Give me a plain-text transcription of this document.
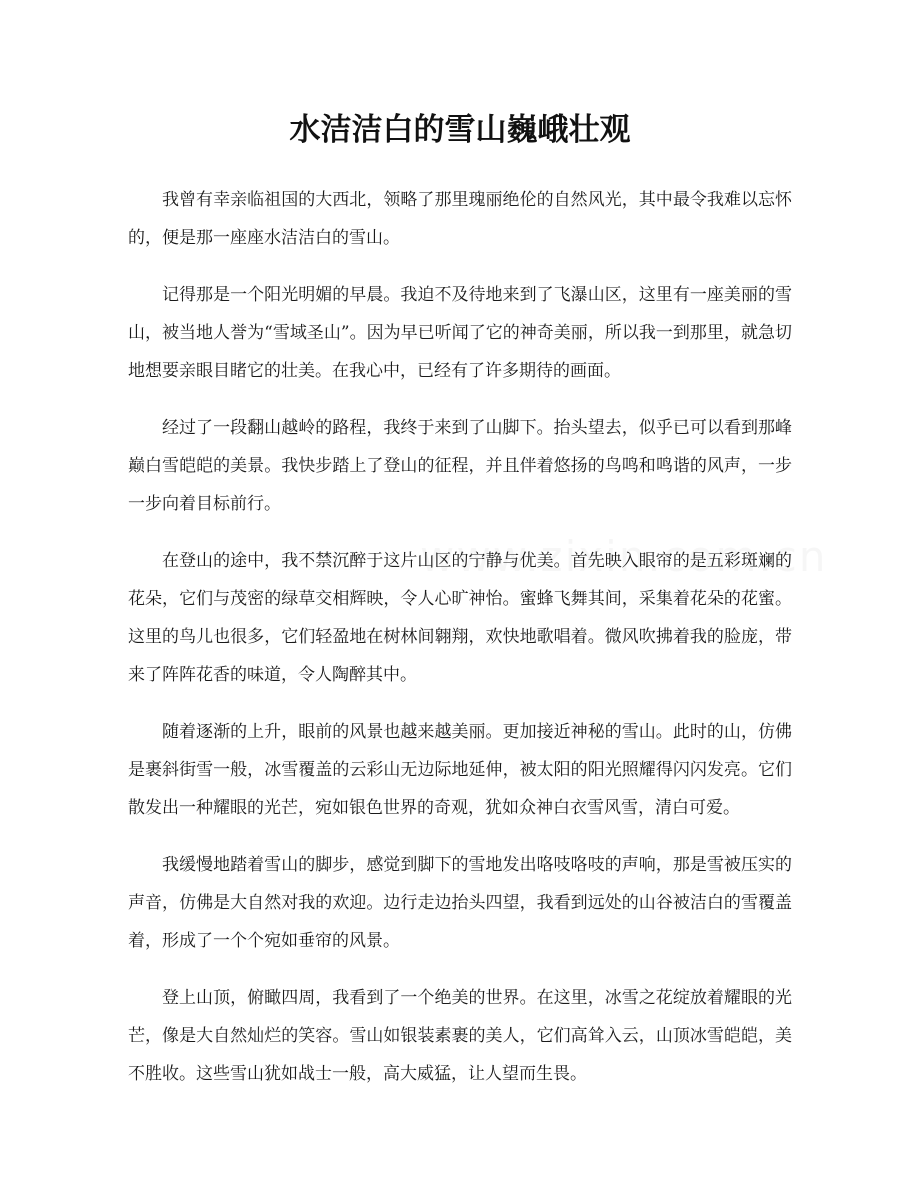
水洁洁白的雪山巍峨壮观

我曾有幸亲临祖国的大西北，领略了那里瑰丽绝伦的自然风光，其中最令我难以忘怀的，便是那一座座水洁洁白的雪山。

记得那是一个阳光明媚的早晨。我迫不及待地来到了飞瀑山区，这里有一座美丽的雪山，被当地人誉为“雪域圣山”。因为早已听闻了它的神奇美丽，所以我一到那里，就急切地想要亲眼目睹它的壮美。在我心中，已经有了许多期待的画面。

经过了一段翻山越岭的路程，我终于来到了山脚下。抬头望去，似乎已可以看到那峰巅白雪皑皑的美景。我快步踏上了登山的征程，并且伴着悠扬的鸟鸣和鸣谐的风声，一步一步向着目标前行。

在登山的途中，我不禁沉醉于这片山区的宁静与优美。首先映入眼帘的是五彩斑斓的花朵，它们与茂密的绿草交相辉映，令人心旷神怡。蜜蜂飞舞其间，采集着花朵的花蜜。这里的鸟儿也很多，它们轻盈地在树林间翱翔，欢快地歌唱着。微风吹拂着我的脸庞，带来了阵阵花香的味道，令人陶醉其中。

随着逐渐的上升，眼前的风景也越来越美丽。更加接近神秘的雪山。此时的山，仿佛是裹斜街雪一般，冰雪覆盖的云彩山无边际地延伸，被太阳的阳光照耀得闪闪发亮。它们散发出一种耀眼的光芒，宛如银色世界的奇观，犹如众神白衣雪风雪，清白可爱。

我缓慢地踏着雪山的脚步，感觉到脚下的雪地发出咯吱咯吱的声响，那是雪被压实的声音，仿佛是大自然对我的欢迎。边行走边抬头四望，我看到远处的山谷被洁白的雪覆盖着，形成了一个个宛如垂帘的风景。

登上山顶，俯瞰四周，我看到了一个绝美的世界。在这里，冰雪之花绽放着耀眼的光芒，像是大自然灿烂的笑容。雪山如银装素裹的美人，它们高耸入云，山顶冰雪皑皑，美不胜收。这些雪山犹如战士一般，高大威猛，让人望而生畏。
